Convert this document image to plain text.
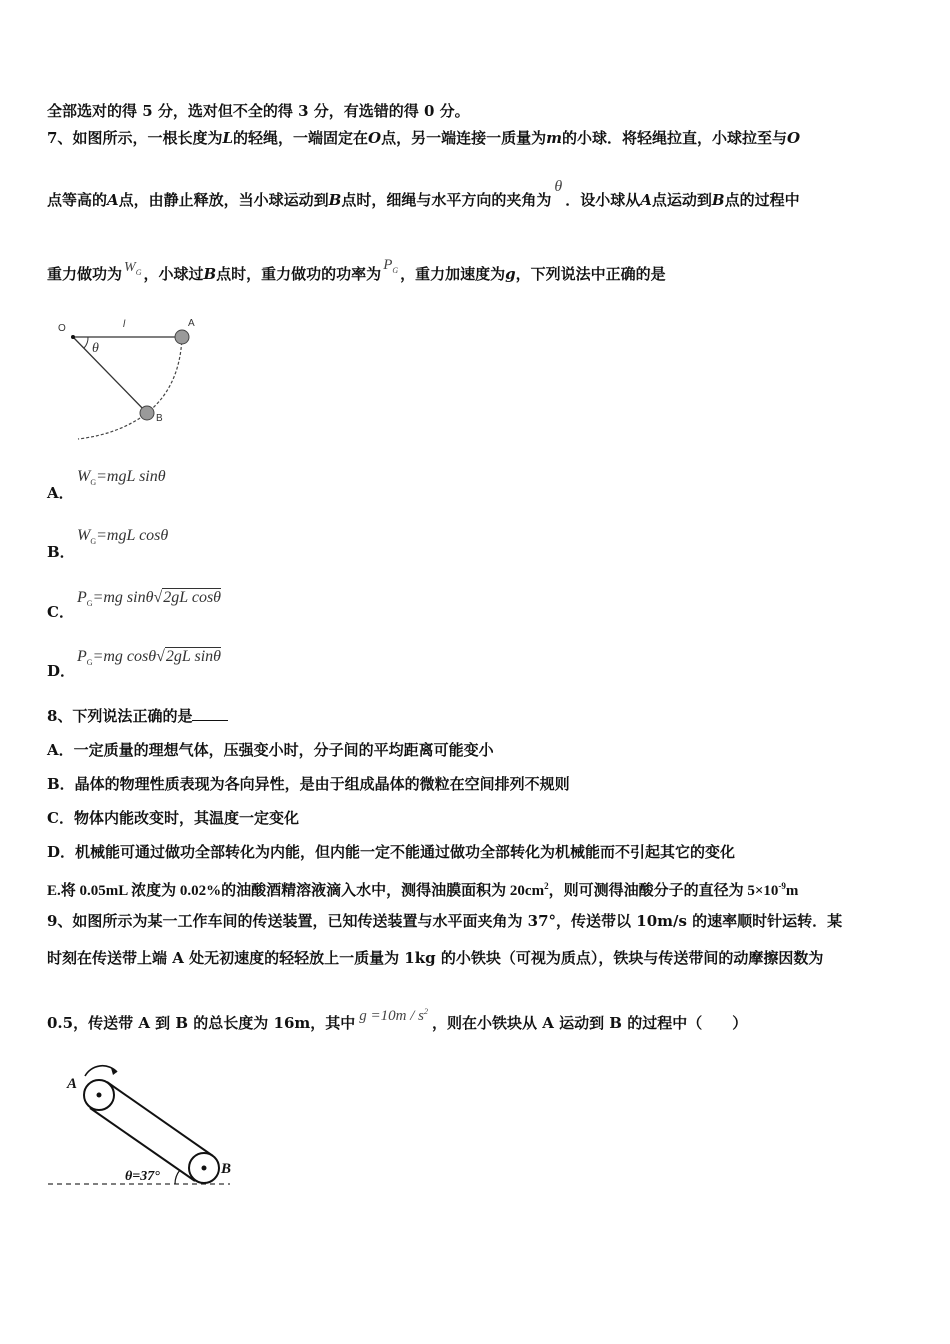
全部选对的得 5 分，选对但不全的得 3 分，有选错的得 0 分。
7、如图所示，一根长度为L的轻绳，一端固定在O点，另一端连接一质量为m的小球．将轻绳拉直，小球拉至与O
点等高的A点，由静止释放，当小球运动到B点时，细绳与水平方向的夹角为θ．设小球从A点运动到B点的过程中
重力做功为 $W_G$ ，小球过B点时，重力做功的功率为 $P_G$ ，重力加速度为g，下列说法中正确的是
O	l	A
B
θ
A．
$W_G=mgL$ sinθ
B．
$W_G=mgL$ cosθ
C．
$P_G=mg$ sinθ√2gL cosθ
D．
$P_G=mg$ cosθ√2gL sinθ
8、下列说法正确的是
A．一定质量的理想气体，压强变小时，分子间的平均距离可能变小
B．晶体的物理性质表现为各向异性，是由于组成晶体的微粒在空间排列不规则
C．物体内能改变时，其温度一定变化
D．机械能可通过做功全部转化为内能，但内能一定不能通过做功全部转化为机械能而不引起其它的变化
E.将 0.05mL 浓度为 0.02%的油酸酒精溶液滴入水中，测得油膜面积为 $20cm^2$，则可测得油酸分子的直径为 $5\times 10^{-9}m$
9、如图所示为某一工作车间的传送装置，已知传送装置与水平面夹角为 37°，传送带以 10m/s 的速率顺时针运转．某
时刻在传送带上端 A 处无初速度的轻轻放上一质量为 1kg 的小铁块（可视为质点），铁块与传送带间的动摩擦因数为
0.5，传送带 A 到 B 的总长度为 16m，其中 $g =10m / s^2$，则在小铁块从 A 运动到 B 的过程中（　　）
A
B
θ=37°
